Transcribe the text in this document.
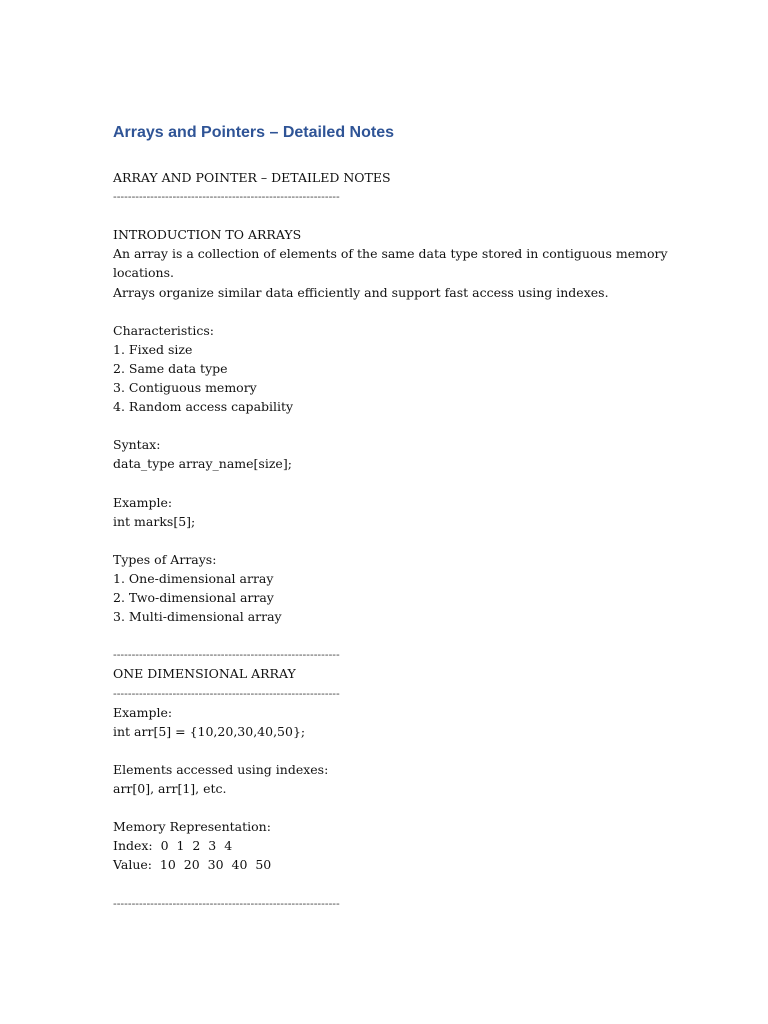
Arrays and Pointers – Detailed Notes
ARRAY AND POINTER – DETAILED NOTES
-------------------------------------------------------------
INTRODUCTION TO ARRAYS
An array is a collection of elements of the same data type stored in contiguous memory
locations.
Arrays organize similar data efficiently and support fast access using indexes.
Characteristics:
1. Fixed size
2. Same data type
3. Contiguous memory
4. Random access capability
Syntax:
data_type array_name[size];
Example:
int marks[5];
Types of Arrays:
1. One-dimensional array
2. Two-dimensional array
3. Multi-dimensional array
-------------------------------------------------------------
ONE DIMENSIONAL ARRAY
-------------------------------------------------------------
Example:
int arr[5] = {10,20,30,40,50};
Elements accessed using indexes:
arr[0], arr[1], etc.
Memory Representation:
Index:  0  1  2  3  4
Value:  10  20  30  40  50
-------------------------------------------------------------
